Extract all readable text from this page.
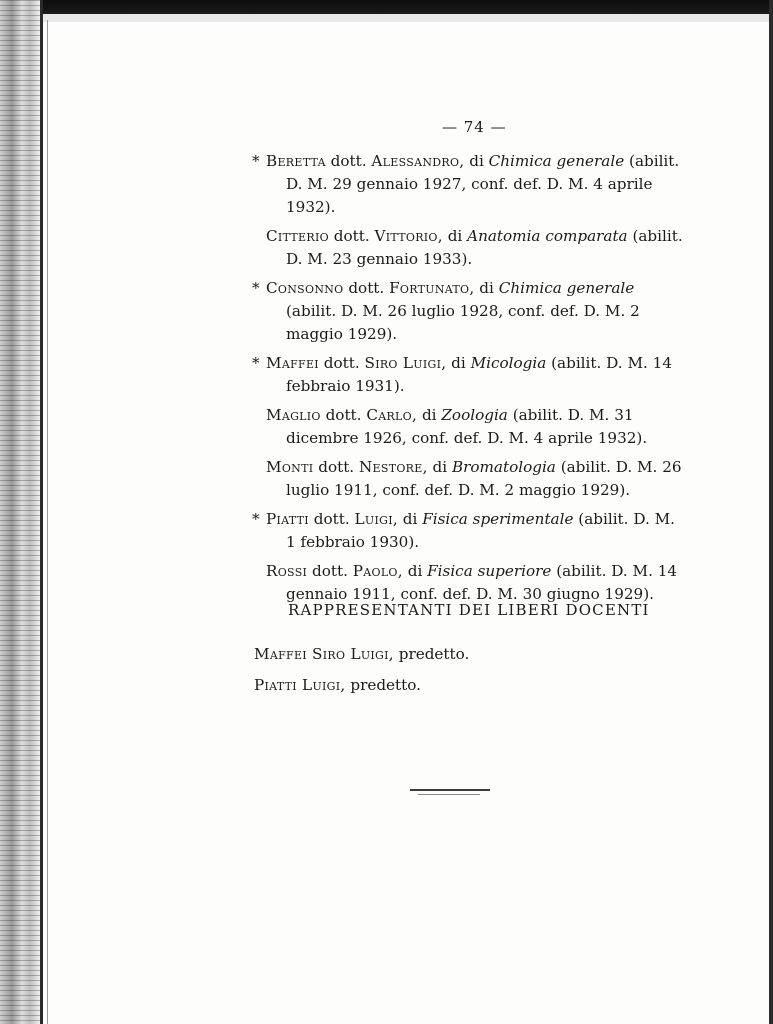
— 74 —
* Beretta dott. Alessandro, di Chimica generale (abilit. D. M. 29 gennaio 1927, conf. def. D. M. 4 aprile 1932).
Citterio dott. Vittorio, di Anatomia comparata (abilit. D. M. 23 gennaio 1933).
* Consonno dott. Fortunato, di Chimica generale (abilit. D. M. 26 luglio 1928, conf. def. D. M. 2 maggio 1929).
* Maffei dott. Siro Luigi, di Micologia (abilit. D. M. 14 febbraio 1931).
Maglio dott. Carlo, di Zoologia (abilit. D. M. 31 dicembre 1926, conf. def. D. M. 4 aprile 1932).
Monti dott. Nestore, di Bromatologia (abilit. D. M. 26 luglio 1911, conf. def. D. M. 2 maggio 1929).
* Piatti dott. Luigi, di Fisica sperimentale (abilit. D. M. 1 febbraio 1930).
Rossi dott. Paolo, di Fisica superiore (abilit. D. M. 14 gennaio 1911, conf. def. D. M. 30 giugno 1929).
RAPPRESENTANTI DEI LIBERI DOCENTI
Maffei Siro Luigi, predetto.
Piatti Luigi, predetto.
